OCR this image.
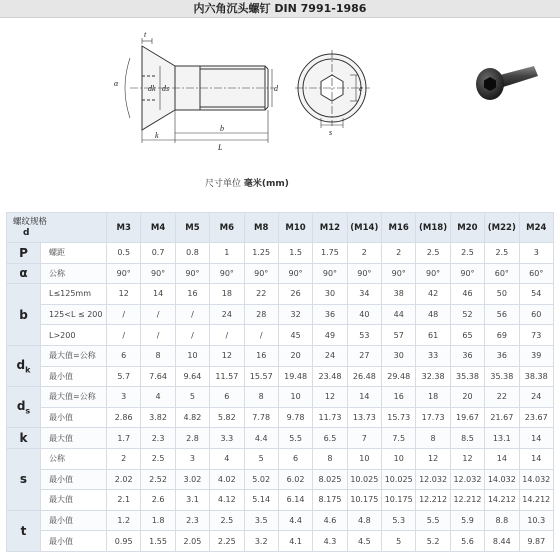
内六角沉头螺钉 DIN 7991-1986
t
dk ds	d
α
k
b
L
s
e
尺寸单位 毫米(mm)
螺纹规格
d		M3	M4	M5	M6	M8	M10	M12	(M14)	M16	(M18)	M20	(M22)	M24
P	螺距	0.5	0.7	0.8	1	1.25	1.5	1.75	2	2	2.5	2.5	2.5	3
α	公称	90°	90°	90°	90°	90°	90°	90°	90°	90°	90°	90°	60°	60°
b	L≤125mm	12	14	16	18	22	26	30	34	38	42	46	50	54
	125<L ≤ 200	/	/	/	24	28	32	36	40	44	48	52	56	60
	L>200	/	/	/	/	/	45	49	53	57	61	65	69	73
$d_k$	最大值=公称	6	8	10	12	16	20	24	27	30	33	36	36	39
	最小值	5.7	7.64	9.64	11.57	15.57	19.48	23.48	26.48	29.48	32.38	35.38	35.38	38.38
$d_s$	最大值=公称	3	4	5	6	8	10	12	14	16	18	20	22	24
	最小值	2.86	3.82	4.82	5.82	7.78	9.78	11.73	13.73	15.73	17.73	19.67	21.67	23.67
k	最大值	1.7	2.3	2.8	3.3	4.4	5.5	6.5	7	7.5	8	8.5	13.1	14
s	公称	2	2.5	3	4	5	6	8	10	10	12	12	14	14
	最小值	2.02	2.52	3.02	4.02	5.02	6.02	8.025	10.025	10.025	12.032	12.032	14.032	14.032
	最大值	2.1	2.6	3.1	4.12	5.14	6.14	8.175	10.175	10.175	12.212	12.212	14.212	14.212
t	最小值	1.2	1.8	2.3	2.5	3.5	4.4	4.6	4.8	5.3	5.5	5.9	8.8	10.3
	最小值	0.95	1.55	2.05	2.25	3.2	4.1	4.3	4.5	5	5.2	5.6	8.44	9.87
